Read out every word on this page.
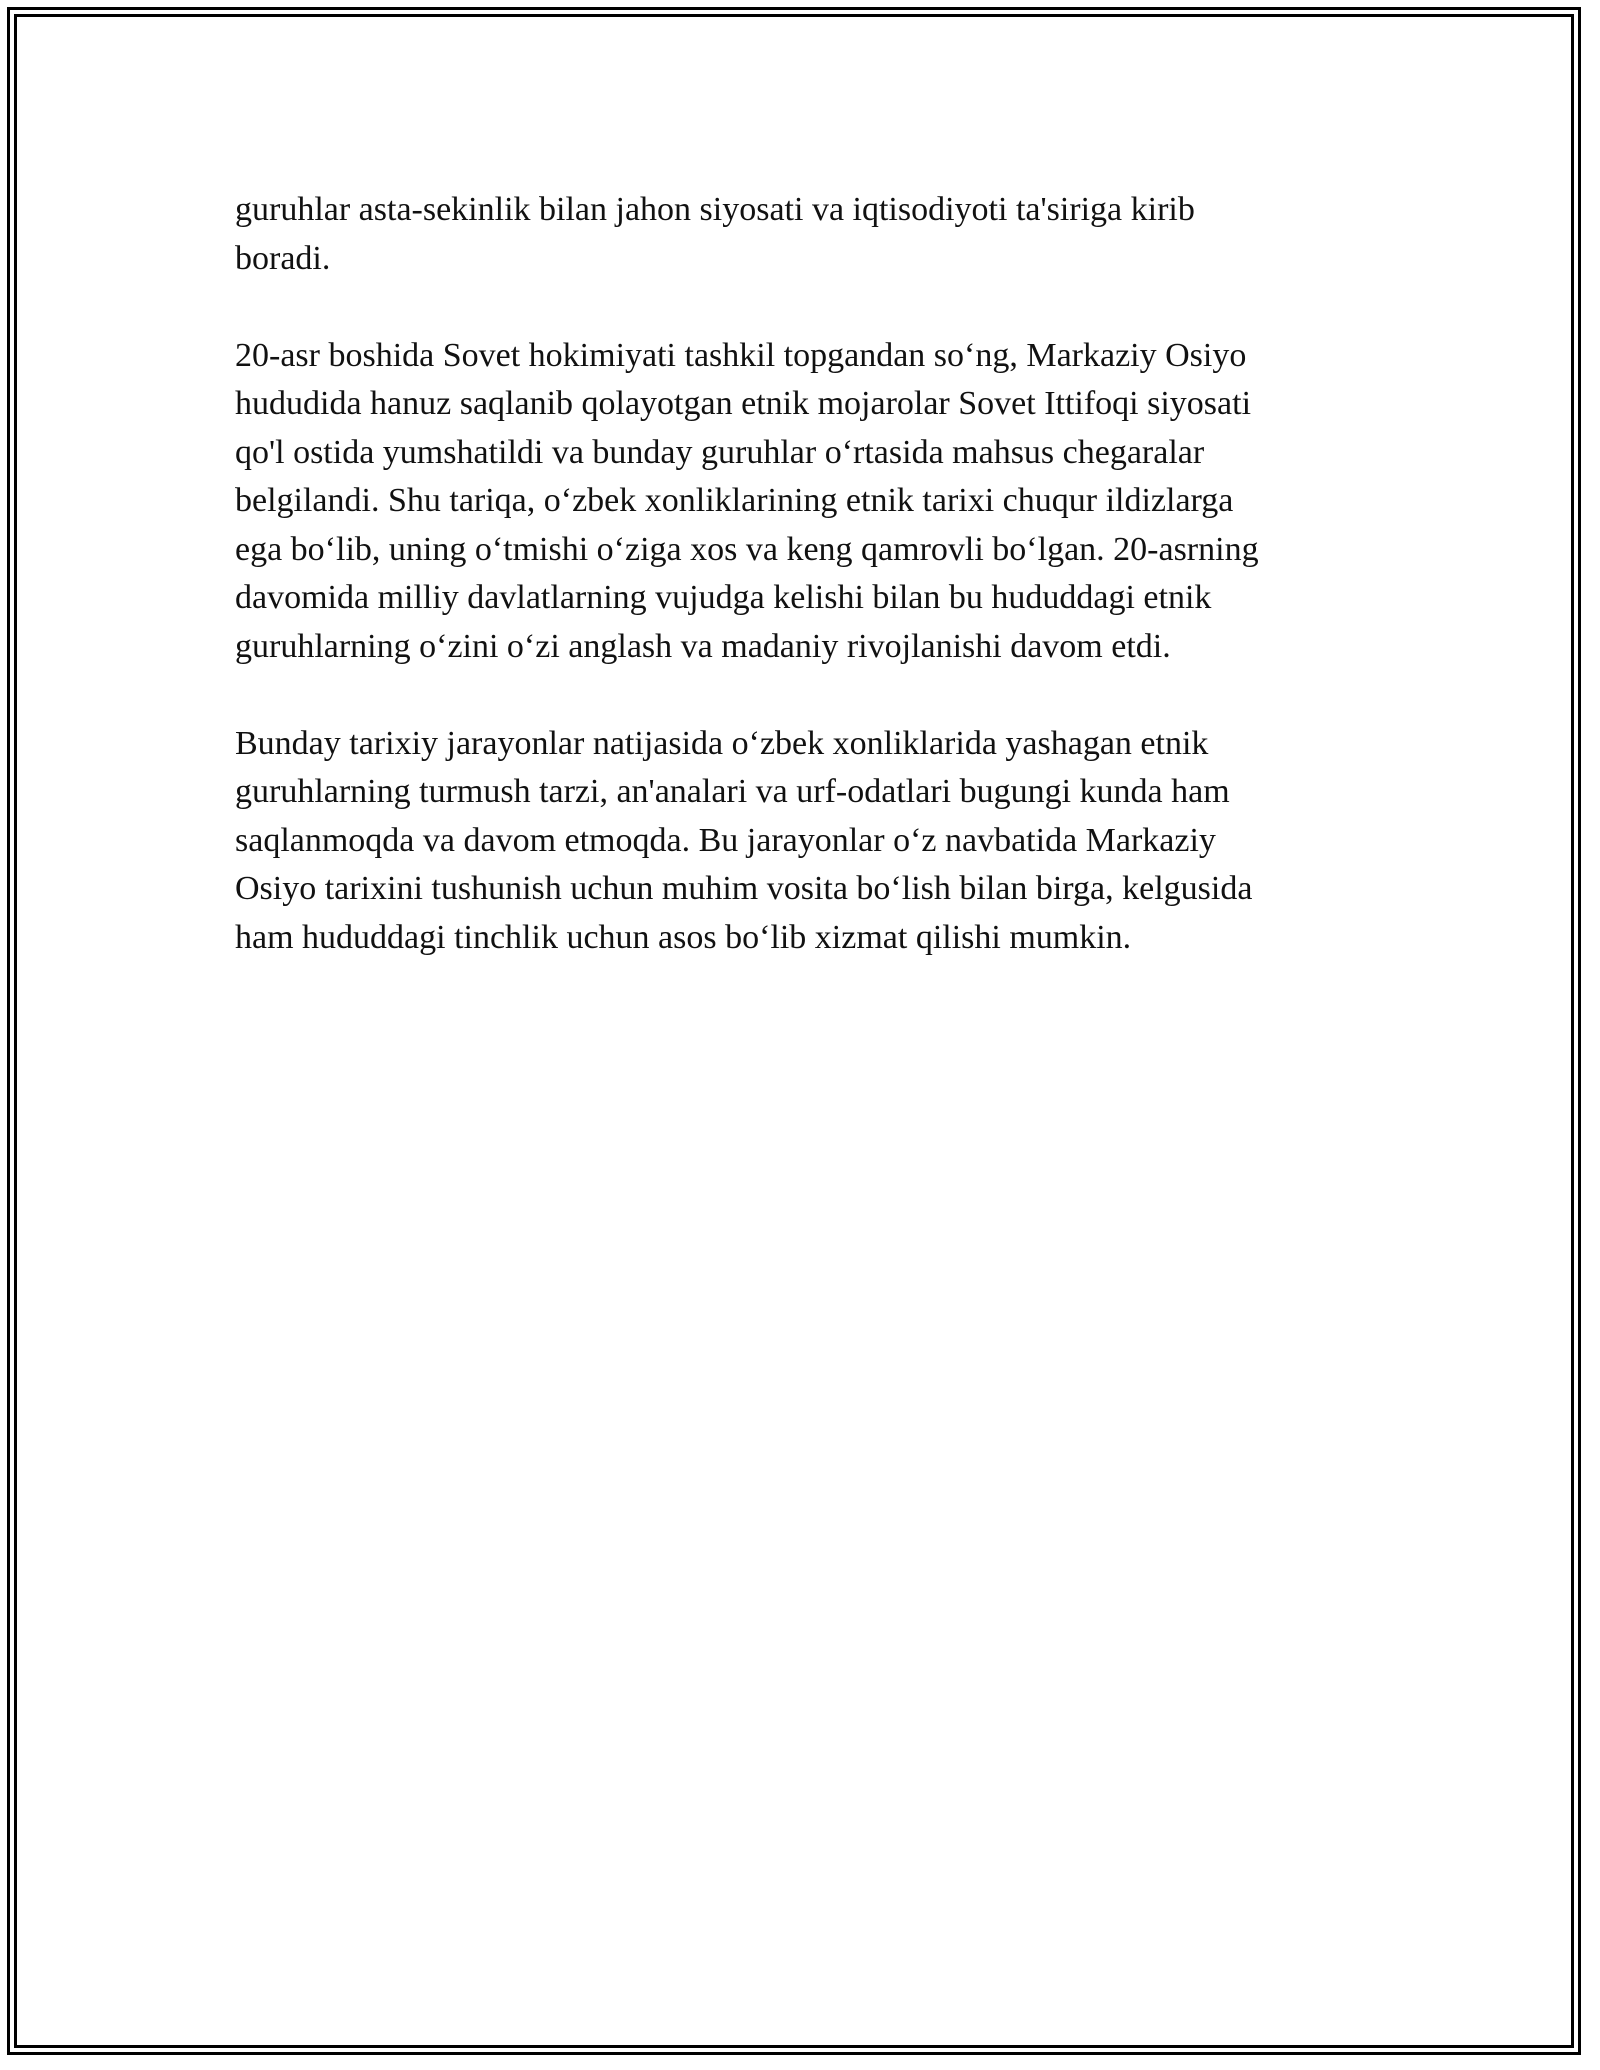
guruhlar asta-sekinlik bilan jahon siyosati va iqtisodiyoti ta'siriga kirib
boradi.

20-asr boshida Sovet hokimiyati tashkil topgandan so‘ng, Markaziy Osiyo
hududida hanuz saqlanib qolayotgan etnik mojarolar Sovet Ittifoqi siyosati
qo'l ostida yumshatildi va bunday guruhlar o‘rtasida mahsus chegaralar
belgilandi. Shu tariqa, o‘zbek xonliklarining etnik tarixi chuqur ildizlarga
ega bo‘lib, uning o‘tmishi o‘ziga xos va keng qamrovli bo‘lgan. 20-asrning
davomida milliy davlatlarning vujudga kelishi bilan bu hududdagi etnik
guruhlarning o‘zini o‘zi anglash va madaniy rivojlanishi davom etdi.

Bunday tarixiy jarayonlar natijasida o‘zbek xonliklarida yashagan etnik
guruhlarning turmush tarzi, an'analari va urf-odatlari bugungi kunda ham
saqlanmoqda va davom etmoqda. Bu jarayonlar o‘z navbatida Markaziy
Osiyo tarixini tushunish uchun muhim vosita bo‘lish bilan birga, kelgusida
ham hududdagi tinchlik uchun asos bo‘lib xizmat qilishi mumkin.
